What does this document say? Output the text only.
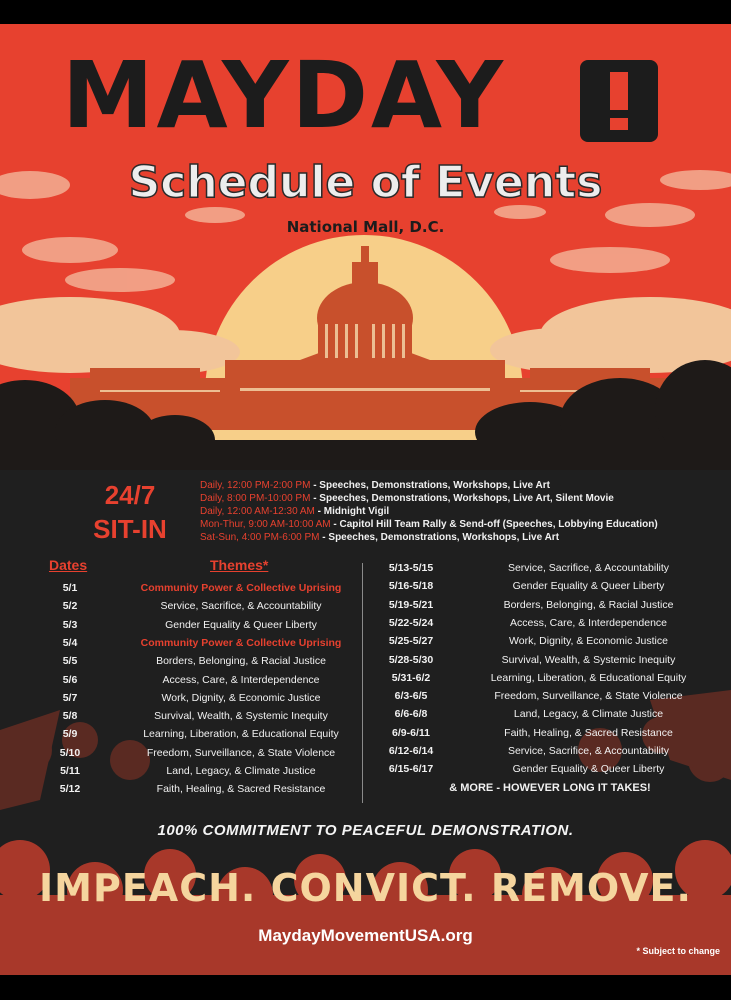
MAYDAY
Schedule of Events
National Mall, D.C.
24/7
SIT-IN
Daily, 12:00 PM-2:00 PM - Speeches, Demonstrations, Workshops, Live Art
Daily, 8:00 PM-10:00 PM - Speeches, Demonstrations, Workshops, Live Art, Silent Movie
Daily, 12:00 AM-12:30 AM - Midnight Vigil
Mon-Thur, 9:00 AM-10:00 AM - Capitol Hill Team Rally & Send-off (Speeches, Lobbying Education)
Sat-Sun, 4:00 PM-6:00 PM - Speeches, Demonstrations, Workshops, Live Art
Dates	Themes*
5/1	Community Power & Collective Uprising
5/2	Service, Sacrifice, & Accountability
5/3	Gender Equality & Queer Liberty
5/4	Community Power & Collective Uprising
5/5	Borders, Belonging, & Racial Justice
5/6	Access, Care, & Interdependence
5/7	Work, Dignity, & Economic Justice
5/8	Survival, Wealth, & Systemic Inequity
5/9	Learning, Liberation, & Educational Equity
5/10	Freedom, Surveillance, & State Violence
5/11	Land, Legacy, & Climate Justice
5/12	Faith, Healing, & Sacred Resistance
5/13-5/15	Service, Sacrifice, & Accountability
5/16-5/18	Gender Equality & Queer Liberty
5/19-5/21	Borders, Belonging, & Racial Justice
5/22-5/24	Access, Care, & Interdependence
5/25-5/27	Work, Dignity, & Economic Justice
5/28-5/30	Survival, Wealth, & Systemic Inequity
5/31-6/2	Learning, Liberation, & Educational Equity
6/3-6/5	Freedom, Surveillance, & State Violence
6/6-6/8	Land, Legacy, & Climate Justice
6/9-6/11	Faith, Healing, & Sacred Resistance
6/12-6/14	Service, Sacrifice, & Accountability
6/15-6/17	Gender Equality & Queer Liberty
& MORE - HOWEVER LONG IT TAKES!
100% COMMITMENT TO PEACEFUL DEMONSTRATION.
IMPEACH. CONVICT. REMOVE.
MaydayMovementUSA.org
* Subject to change
